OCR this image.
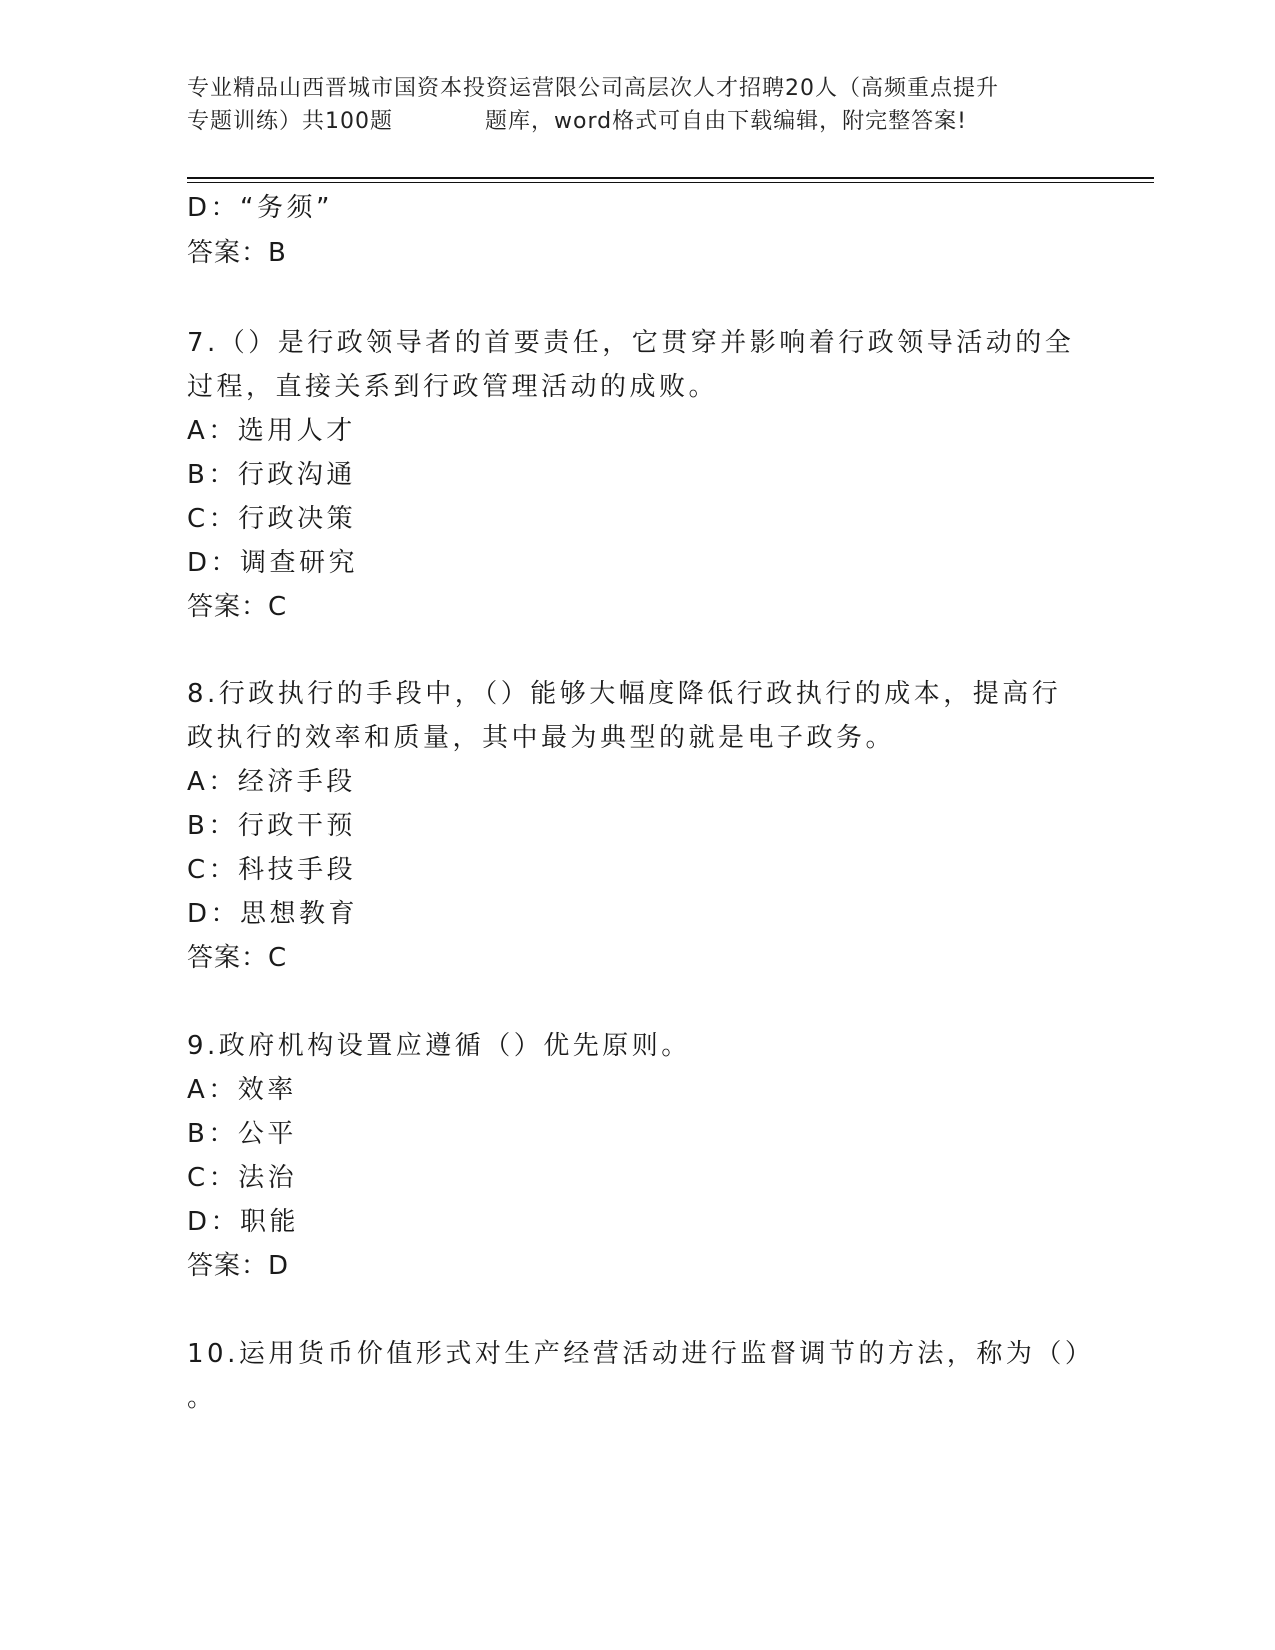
专业精品山西晋城市国资本投资运营限公司高层次人才招聘20人（高频重点提升
专题训练）共100题	题库，word格式可自由下载编辑，附完整答案!
D：“务须”
答案：B
7.（）是行政领导者的首要责任，它贯穿并影响着行政领导活动的全
过程，直接关系到行政管理活动的成败。
A：选用人才
B：行政沟通
C：行政决策
D：调查研究
答案：C
8.行政执行的手段中，（）能够大幅度降低行政执行的成本，提高行
政执行的效率和质量，其中最为典型的就是电子政务。
A：经济手段
B：行政干预
C：科技手段
D：思想教育
答案：C
9.政府机构设置应遵循（）优先原则。
A：效率
B：公平
C：法治
D：职能
答案：D
10.运用货币价值形式对生产经营活动进行监督调节的方法，称为（）
。
